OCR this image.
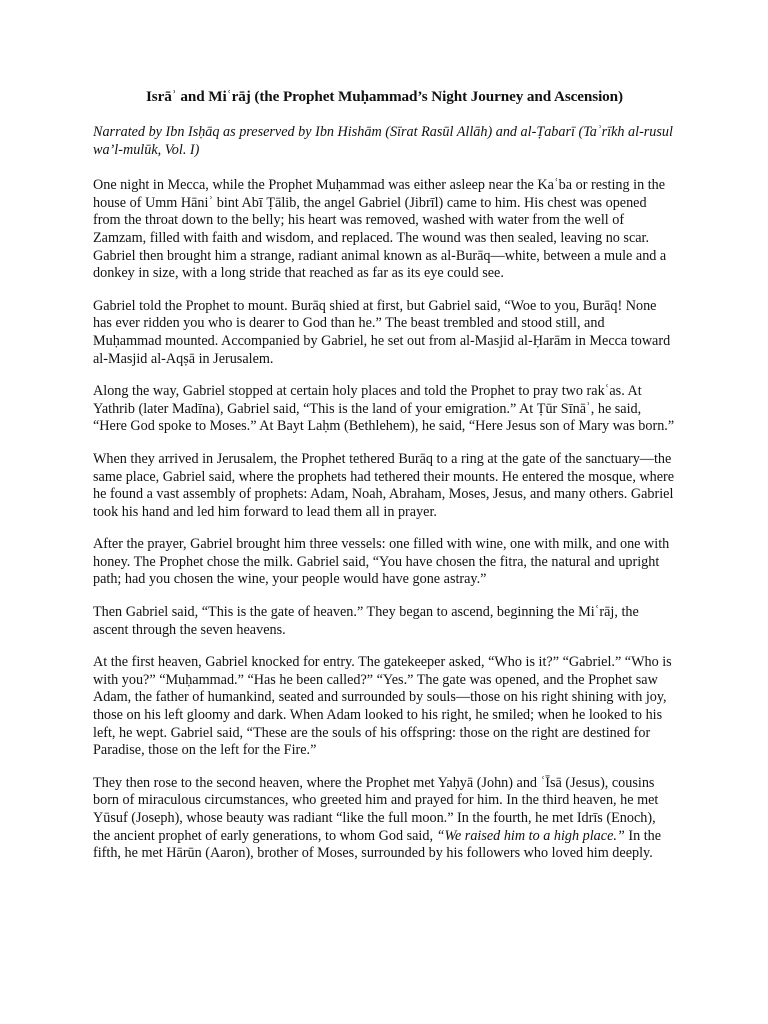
Isrāʾ and Miʿrāj (the Prophet Muḥammad’s Night Journey and Ascension)
Narrated by Ibn Isḥāq as preserved by Ibn Hishām (Sīrat Rasūl Allāh) and al-Ṭabarī (Taʾrīkh al-rusul wa’l-mulūk, Vol. I)

One night in Mecca, while the Prophet Muḥammad was either asleep near the Kaʿba or resting in the house of Umm Hāniʾ bint Abī Ṭālib, the angel Gabriel (Jibrīl) came to him. His chest was opened from the throat down to the belly; his heart was removed, washed with water from the well of Zamzam, filled with faith and wisdom, and replaced. The wound was then sealed, leaving no scar. Gabriel then brought him a strange, radiant animal known as al-Burāq—white, between a mule and a donkey in size, with a long stride that reached as far as its eye could see.

Gabriel told the Prophet to mount. Burāq shied at first, but Gabriel said, “Woe to you, Burāq! None has ever ridden you who is dearer to God than he.” The beast trembled and stood still, and Muḥammad mounted. Accompanied by Gabriel, he set out from al-Masjid al-Ḥarām in Mecca toward al-Masjid al-Aqṣā in Jerusalem.

Along the way, Gabriel stopped at certain holy places and told the Prophet to pray two rakʿas. At Yathrib (later Madīna), Gabriel said, “This is the land of your emigration.” At Ṭūr Sīnāʾ, he said, “Here God spoke to Moses.” At Bayt Laḥm (Bethlehem), he said, “Here Jesus son of Mary was born.”

When they arrived in Jerusalem, the Prophet tethered Burāq to a ring at the gate of the sanctuary—the same place, Gabriel said, where the prophets had tethered their mounts. He entered the mosque, where he found a vast assembly of prophets: Adam, Noah, Abraham, Moses, Jesus, and many others. Gabriel took his hand and led him forward to lead them all in prayer.

After the prayer, Gabriel brought him three vessels: one filled with wine, one with milk, and one with honey. The Prophet chose the milk. Gabriel said, “You have chosen the fitra, the natural and upright path; had you chosen the wine, your people would have gone astray.”

Then Gabriel said, “This is the gate of heaven.” They began to ascend, beginning the Miʿrāj, the ascent through the seven heavens.

At the first heaven, Gabriel knocked for entry. The gatekeeper asked, “Who is it?” “Gabriel.” “Who is with you?” “Muḥammad.” “Has he been called?” “Yes.” The gate was opened, and the Prophet saw Adam, the father of humankind, seated and surrounded by souls—those on his right shining with joy, those on his left gloomy and dark. When Adam looked to his right, he smiled; when he looked to his left, he wept. Gabriel said, “These are the souls of his offspring: those on the right are destined for Paradise, those on the left for the Fire.”

They then rose to the second heaven, where the Prophet met Yaḥyā (John) and ʿĪsā (Jesus), cousins born of miraculous circumstances, who greeted him and prayed for him. In the third heaven, he met Yūsuf (Joseph), whose beauty was radiant “like the full moon.” In the fourth, he met Idrīs (Enoch), the ancient prophet of early generations, to whom God said, “We raised him to a high place.” In the fifth, he met Hārūn (Aaron), brother of Moses, surrounded by his followers who loved him deeply.
